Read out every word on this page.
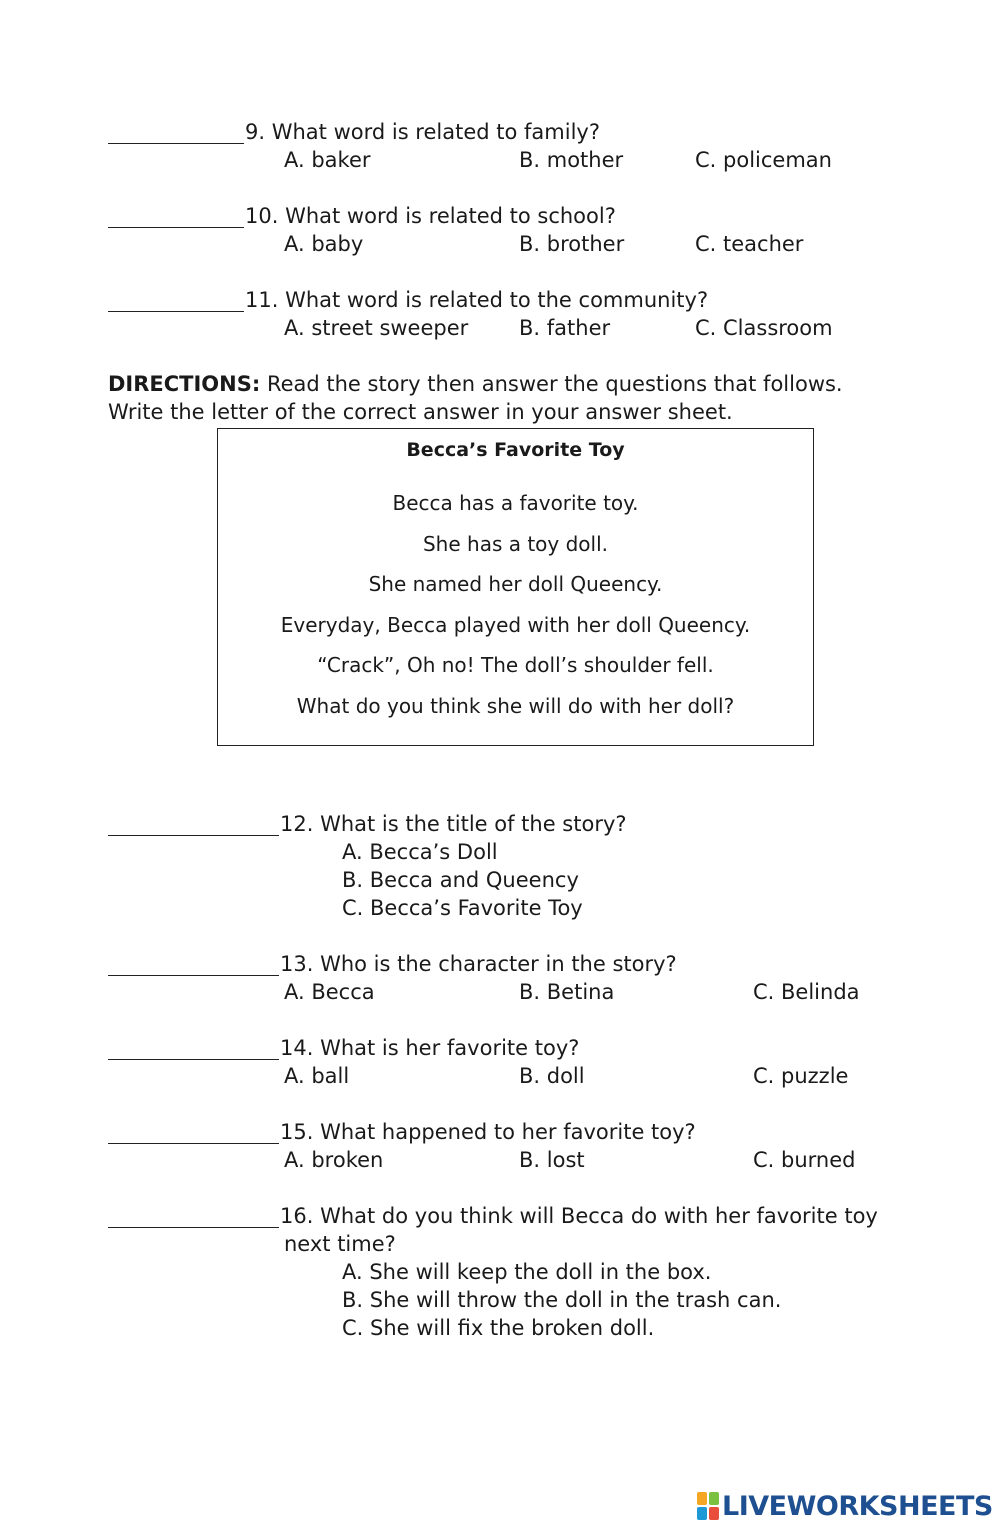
9. What word is related to family?
A. baker	B. mother	C. policeman
10. What word is related to school?
A. baby	B. brother	C. teacher
11. What word is related to the community?
A. street sweeper B. father	C. Classroom
DIRECTIONS: Read the story then answer the questions that follows.
Write the letter of the correct answer in your answer sheet.
Becca’s Favorite Toy
Becca has a favorite toy.
She has a toy doll.
She named her doll Queency.
Everyday, Becca played with her doll Queency.
“Crack”, Oh no! The doll’s shoulder fell.
What do you think she will do with her doll?
12. What is the title of the story?
A. Becca’s Doll
B. Becca and Queency
C. Becca’s Favorite Toy
13. Who is the character in the story?
A. Becca	B. Betina	C. Belinda
14. What is her favorite toy?
A. ball	B. doll	C. puzzle
15. What happened to her favorite toy?
A. broken	B. lost	C. burned
16. What do you think will Becca do with her favorite toy
next time?
A. She will keep the doll in the box.
B. She will throw the doll in the trash can.
C. She will fix the broken doll.
LIVEWORKSHEETS
